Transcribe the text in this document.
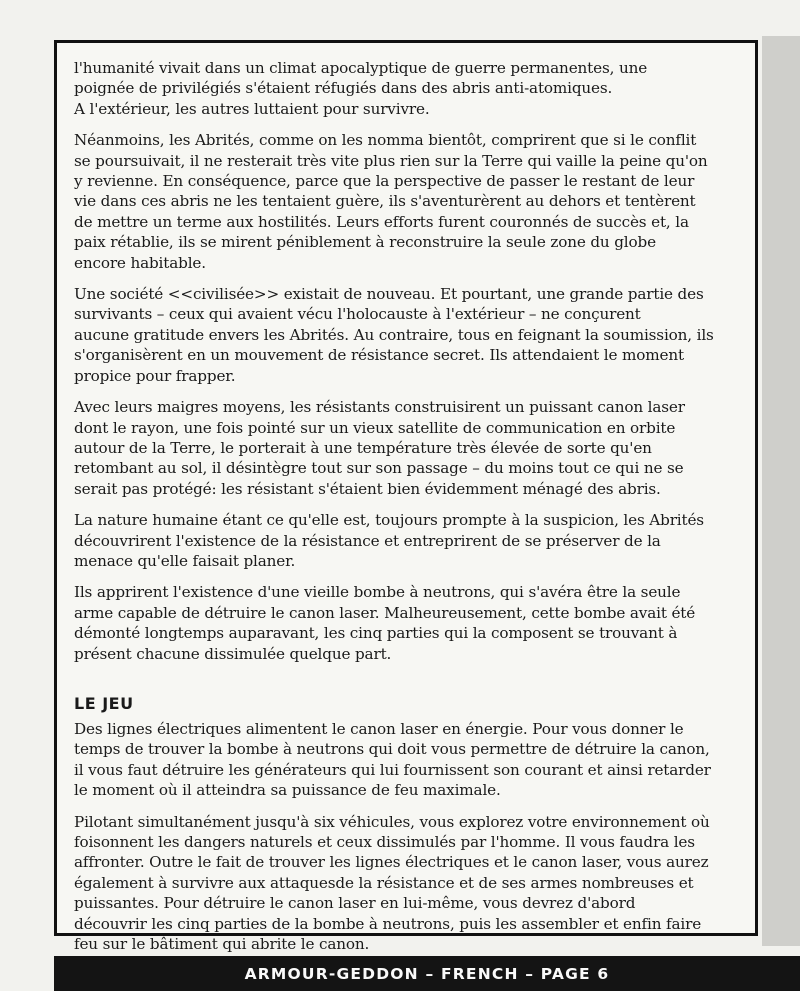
l'humanité vivait dans un climat apocalyptique de guerre permanentes, une
poignée de privilégiés s'étaient réfugiés dans des abris anti-atomiques.
A l'extérieur, les autres luttaient pour survivre.

Néanmoins, les Abrités, comme on les nomma bientôt, comprirent que si le conflit
se poursuivait, il ne resterait très vite plus rien sur la Terre qui vaille la peine qu'on
y revienne. En conséquence, parce que la perspective de passer le restant de leur
vie dans ces abris ne les tentaient guère, ils s'aventurèrent au dehors et tentèrent
de mettre un terme aux hostilités. Leurs efforts furent couronnés de succès et, la
paix rétablie, ils se mirent péniblement à reconstruire la seule zone du globe
encore habitable.

Une société <<civilisée>> existait de nouveau. Et pourtant, une grande partie des
survivants – ceux qui avaient vécu l'holocauste à l'extérieur – ne conçurent
aucune gratitude envers les Abrités. Au contraire, tous en feignant la soumission, ils
s'organisèrent en un mouvement de résistance secret. Ils attendaient le moment
propice pour frapper.

Avec leurs maigres moyens, les résistants construisirent un puissant canon laser
dont le rayon, une fois pointé sur un vieux satellite de communication en orbite
autour de la Terre, le porterait à une température très élevée de sorte qu'en
retombant au sol, il désintègre tout sur son passage – du moins tout ce qui ne se
serait pas protégé: les résistant s'étaient bien évidemment ménagé des abris.

La nature humaine étant ce qu'elle est, toujours prompte à la suspicion, les Abrités
découvrirent l'existence de la résistance et entreprirent de se préserver de la
menace qu'elle faisait planer.

Ils apprirent l'existence d'une vieille bombe à neutrons, qui s'avéra être la seule
arme capable de détruire le canon laser. Malheureusement, cette bombe avait été
démonté longtemps auparavant, les cinq parties qui la composent se trouvant à
présent chacune dissimulée quelque part.

LE JEU

Des lignes électriques alimentent le canon laser en énergie. Pour vous donner le
temps de trouver la bombe à neutrons qui doit vous permettre de détruire la canon,
il vous faut détruire les générateurs qui lui fournissent son courant et ainsi retarder
le moment où il atteindra sa puissance de feu maximale.

Pilotant simultanément jusqu'à six véhicules, vous explorez votre environnement où
foisonnent les dangers naturels et ceux dissimulés par l'homme. Il vous faudra les
affronter. Outre le fait de trouver les lignes électriques et le canon laser, vous aurez
également à survivre aux attaquesde la résistance et de ses armes nombreuses et
puissantes. Pour détruire le canon laser en lui-même, vous devrez d'abord
découvrir les cinq parties de la bombe à neutrons, puis les assembler et enfin faire
feu sur le bâtiment qui abrite le canon.

ARMOUR-GEDDON – FRENCH – PAGE 6
